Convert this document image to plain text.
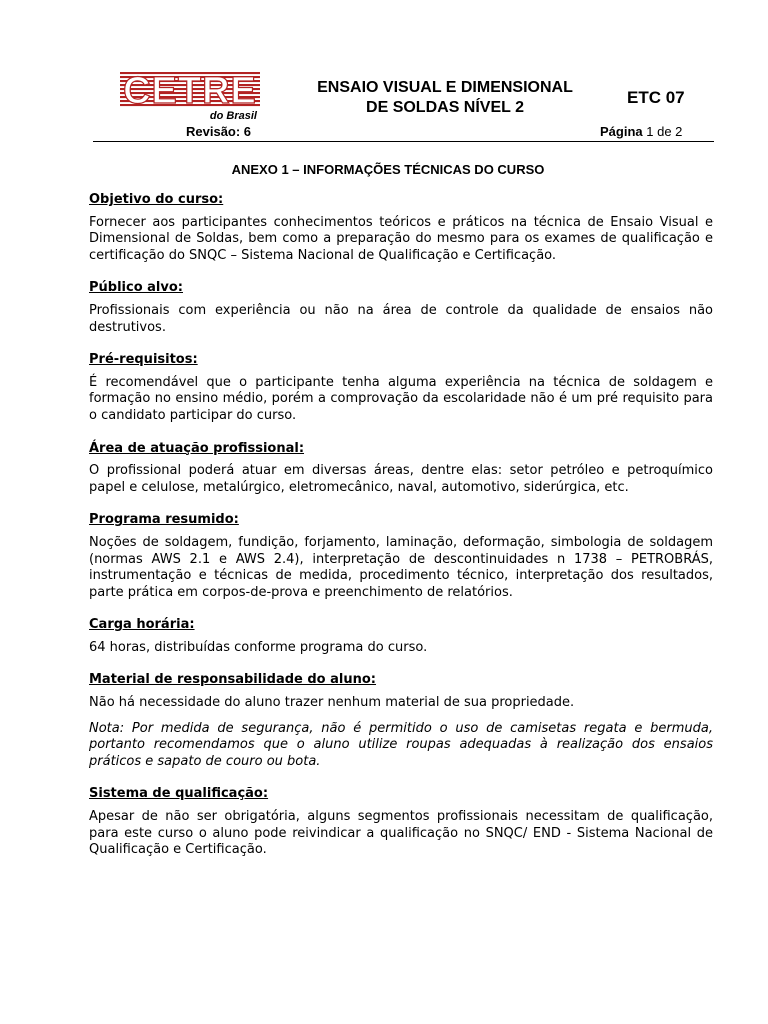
CETRE
do Brasil
ENSAIO VISUAL E DIMENSIONAL
DE SOLDAS NÍVEL 2
ETC 07
Revisão: 6	Página 1 de 2
ANEXO 1 – INFORMAÇÕES TÉCNICAS DO CURSO

Objetivo do curso:

Fornecer aos participantes conhecimentos teóricos e práticos na técnica de Ensaio Visual e Dimensional de Soldas, bem como a preparação do mesmo para os exames de qualificação e certificação do SNQC – Sistema Nacional de Qualificação e Certificação.

Público alvo:

Profissionais com experiência ou não na área de controle da qualidade de ensaios não destrutivos.

Pré-requisitos:

É recomendável que o participante tenha alguma experiência na técnica de soldagem e formação no ensino médio, porém a comprovação da escolaridade não é um pré requisito para o candidato participar do curso.

Área de atuação profissional:

O profissional poderá atuar em diversas áreas, dentre elas: setor petróleo e petroquímico papel e celulose, metalúrgico, eletromecânico, naval, automotivo, siderúrgica, etc.

Programa resumido:

Noções de soldagem, fundição, forjamento, laminação, deformação, simbologia de soldagem (normas AWS 2.1 e AWS 2.4), interpretação de descontinuidades n 1738 – PETROBRÁS, instrumentação e técnicas de medida, procedimento técnico, interpretação dos resultados, parte prática em corpos-de-prova e preenchimento de relatórios.

Carga horária:

64 horas, distribuídas conforme programa do curso.

Material de responsabilidade do aluno:

Não há necessidade do aluno trazer nenhum material de sua propriedade.

Nota: Por medida de segurança, não é permitido o uso de camisetas regata e bermuda, portanto recomendamos que o aluno utilize roupas adequadas à realização dos ensaios práticos e sapato de couro ou bota.

Sistema de qualificação:

Apesar de não ser obrigatória, alguns segmentos profissionais necessitam de qualificação, para este curso o aluno pode reivindicar a qualificação no SNQC/ END - Sistema Nacional de Qualificação e Certificação.
